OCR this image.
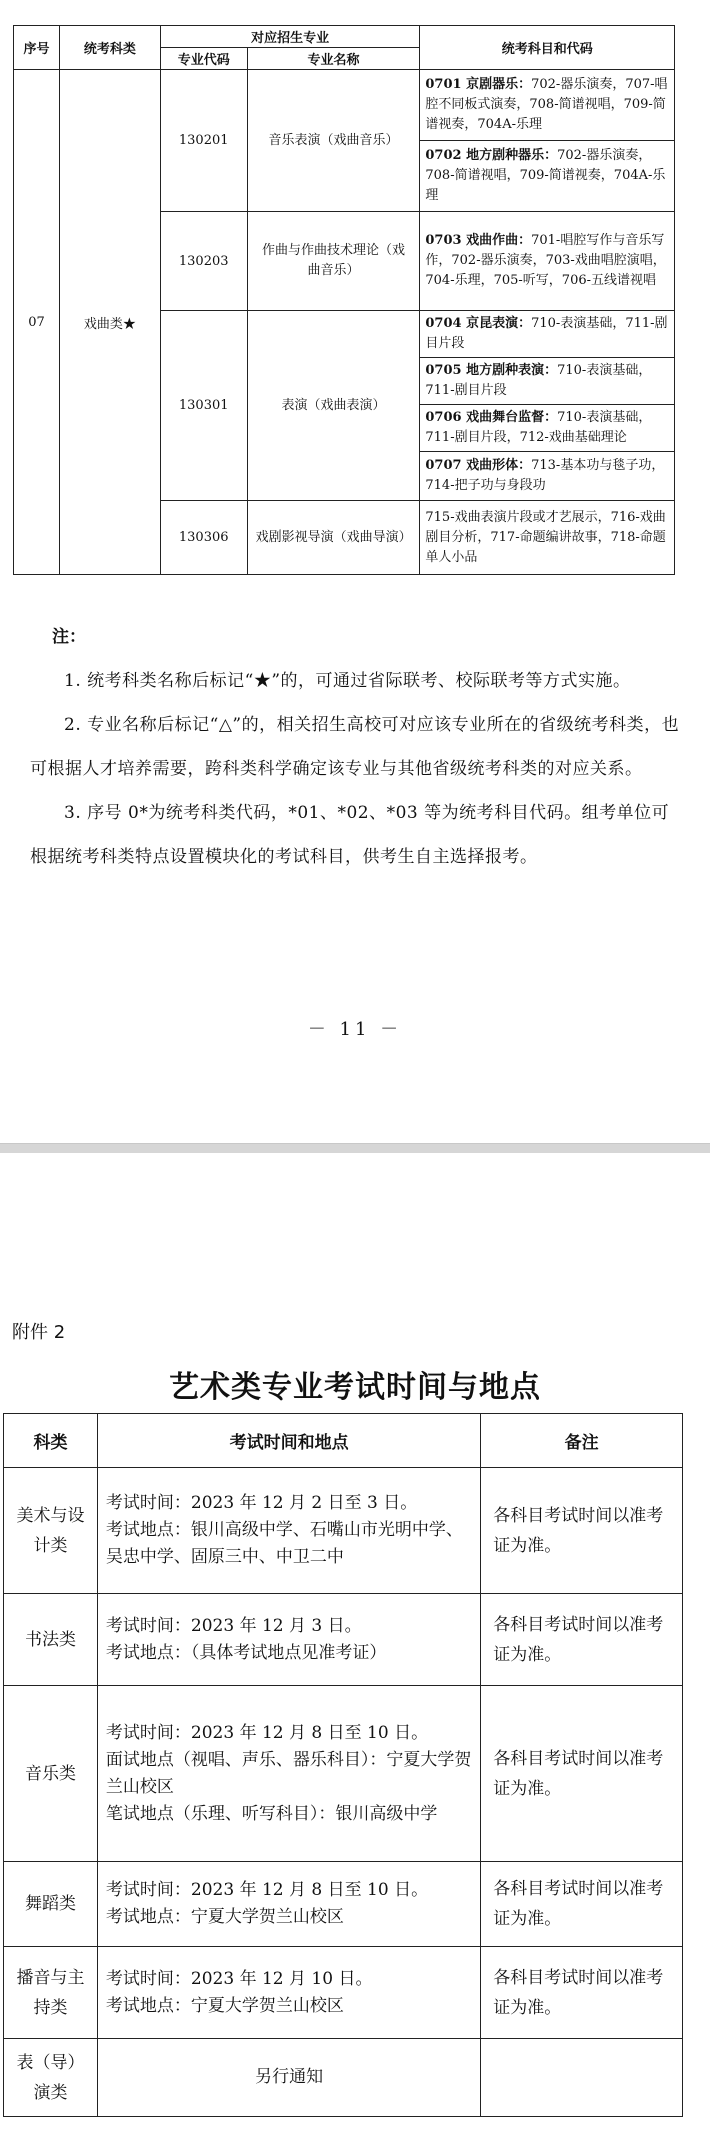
序号	统考科类	对应招生专业		统考科目和代码
		专业代码	专业名称	
07	戏曲类★	130201	音乐表演（戏曲音乐）	0701 京剧器乐：702-器乐演奏，707-唱腔不同板式演奏，708-简谱视唱，709-简谱视奏，704A-乐理
				0702 地方剧种器乐：702-器乐演奏，708-简谱视唱，709-简谱视奏，704A-乐理
		130203	作曲与作曲技术理论（戏曲音乐）	0703 戏曲作曲：701-唱腔写作与音乐写作，702-器乐演奏，703-戏曲唱腔演唱，704-乐理，705-听写，706-五线谱视唱
		130301	表演（戏曲表演）	0704 京昆表演：710-表演基础，711-剧目片段
				0705 地方剧种表演：710-表演基础，711-剧目片段
				0706 戏曲舞台监督：710-表演基础，711-剧目片段，712-戏曲基础理论
				0707 戏曲形体：713-基本功与毯子功，714-把子功与身段功
		130306	戏剧影视导演（戏曲导演）	715-戏曲表演片段或才艺展示，716-戏曲剧目分析，717-命题编讲故事，718-命题单人小品
注：

1. 统考科类名称后标记“★”的，可通过省际联考、校际联考等方式实施。

2. 专业名称后标记“△”的，相关招生高校可对应该专业所在的省级统考科类，也可根据人才培养需要，跨科类科学确定该专业与其他省级统考科类的对应关系。

3. 序号 0*为统考科类代码，*01、*02、*03 等为统考科目代码。组考单位可根据统考科类特点设置模块化的考试科目，供考生自主选择报考。

－ 11 －
附件 2
艺术类专业考试时间与地点
科类	考试时间和地点	备注
美术与设计类	考试时间：2023 年 12 月 2 日至 3 日。
考试地点：银川高级中学、石嘴山市光明中学、吴忠中学、固原三中、中卫二中	各科目考试时间以准考证为准。
书法类	考试时间：2023 年 12 月 3 日。
考试地点：（具体考试地点见准考证）	各科目考试时间以准考证为准。
音乐类	考试时间：2023 年 12 月 8 日至 10 日。
面试地点（视唱、声乐、器乐科目）：宁夏大学贺兰山校区
笔试地点（乐理、听写科目）：银川高级中学	各科目考试时间以准考证为准。
舞蹈类	考试时间：2023 年 12 月 8 日至 10 日。
考试地点：宁夏大学贺兰山校区	各科目考试时间以准考证为准。
播音与主持类	考试时间：2023 年 12 月 10 日。
考试地点：宁夏大学贺兰山校区	各科目考试时间以准考证为准。
表（导）演类	另行通知	
